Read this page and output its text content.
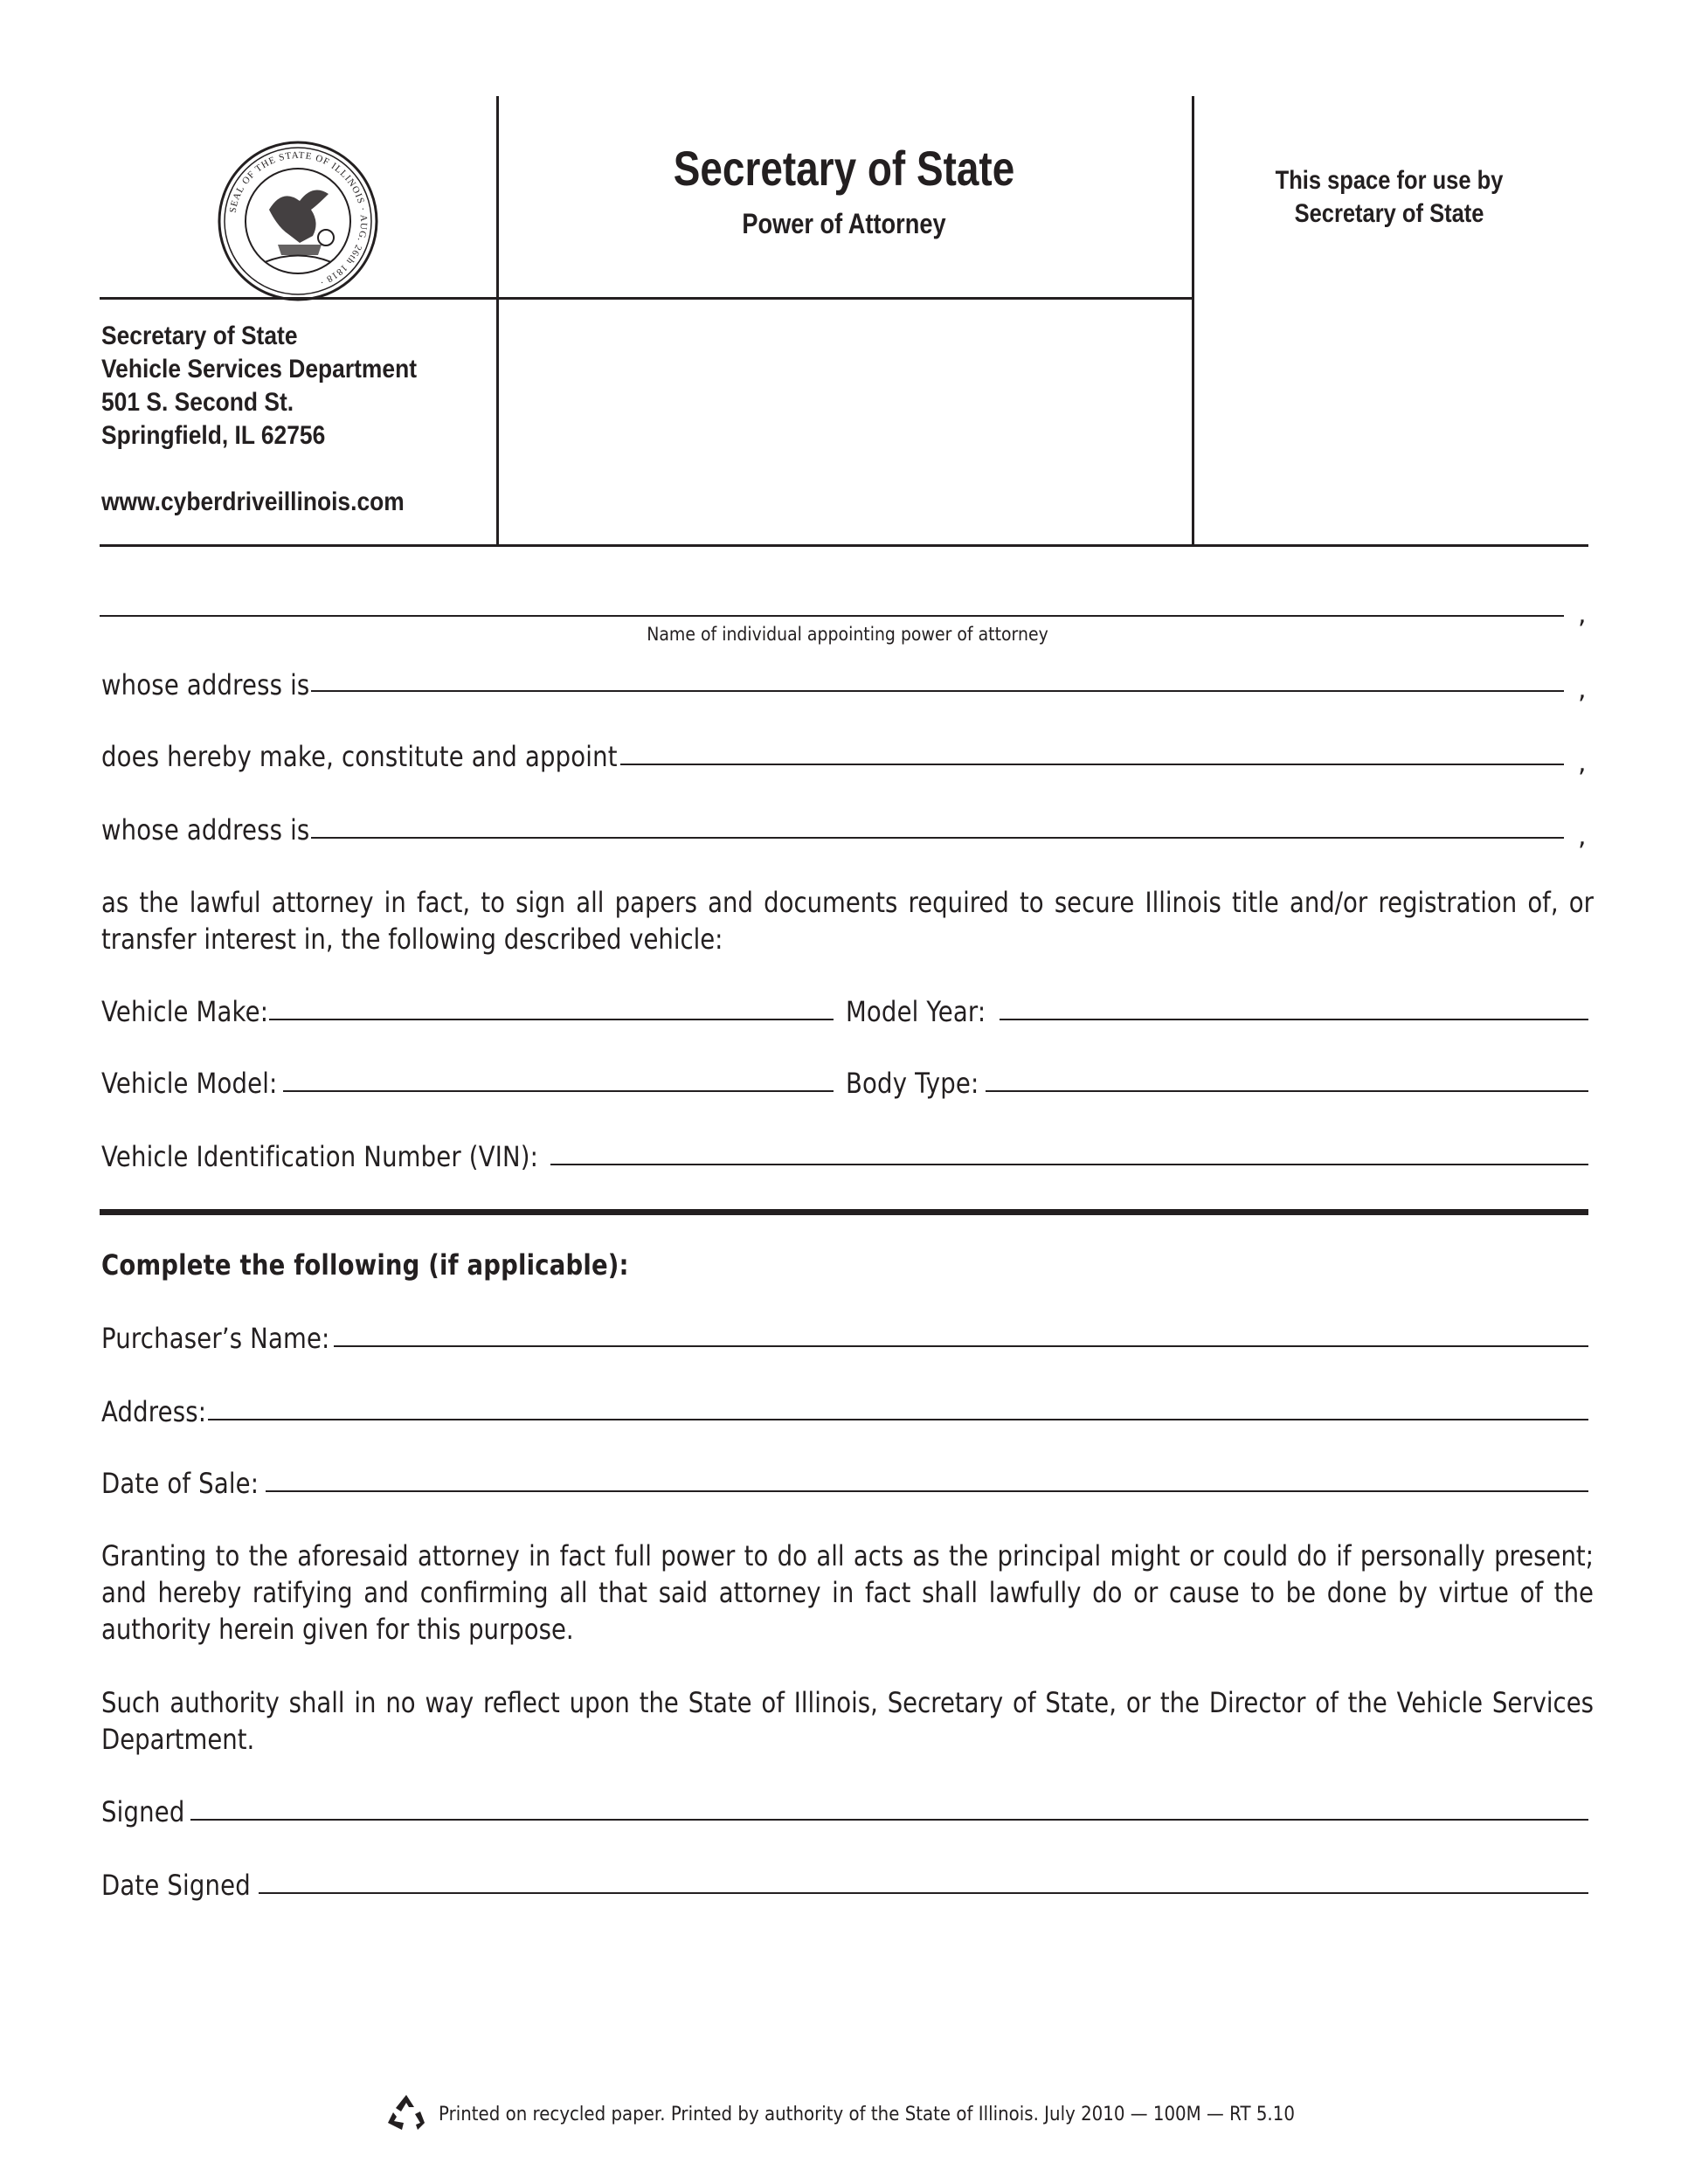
SEAL OF THE STATE OF ILLINOIS · AUG. 26th 1818 ·
Secretary of State
Power of Attorney
This space for use by
Secretary of State
Secretary of State
Vehicle Services Department
501 S. Second St.
Springfield, IL 62756
www.cyberdriveillinois.com
,
Name of individual appointing power of attorney
whose address is	,
does hereby make, constitute and appoint	,
whose address is	,
as the lawful attorney in fact, to sign all papers and documents required to secure Illinois title and/or registration of, or transfer interest in, the following described vehicle:
Vehicle Make:	Model Year:
Vehicle Model:	Body Type:
Vehicle Identification Number (VIN):
Complete the following (if applicable):
Purchaser’s Name:
Address:
Date of Sale:
Granting to the aforesaid attorney in fact full power to do all acts as the principal might or could do if personally present; and hereby ratifying and confirming all that said attorney in fact shall lawfully do or cause to be done by virtue of the authority herein given for this purpose.
Such authority shall in no way reflect upon the State of Illinois, Secretary of State, or the Director of the Vehicle Services Department.
Signed
Date Signed
Printed on recycled paper. Printed by authority of the State of Illinois. July 2010 — 100M — RT 5.10
